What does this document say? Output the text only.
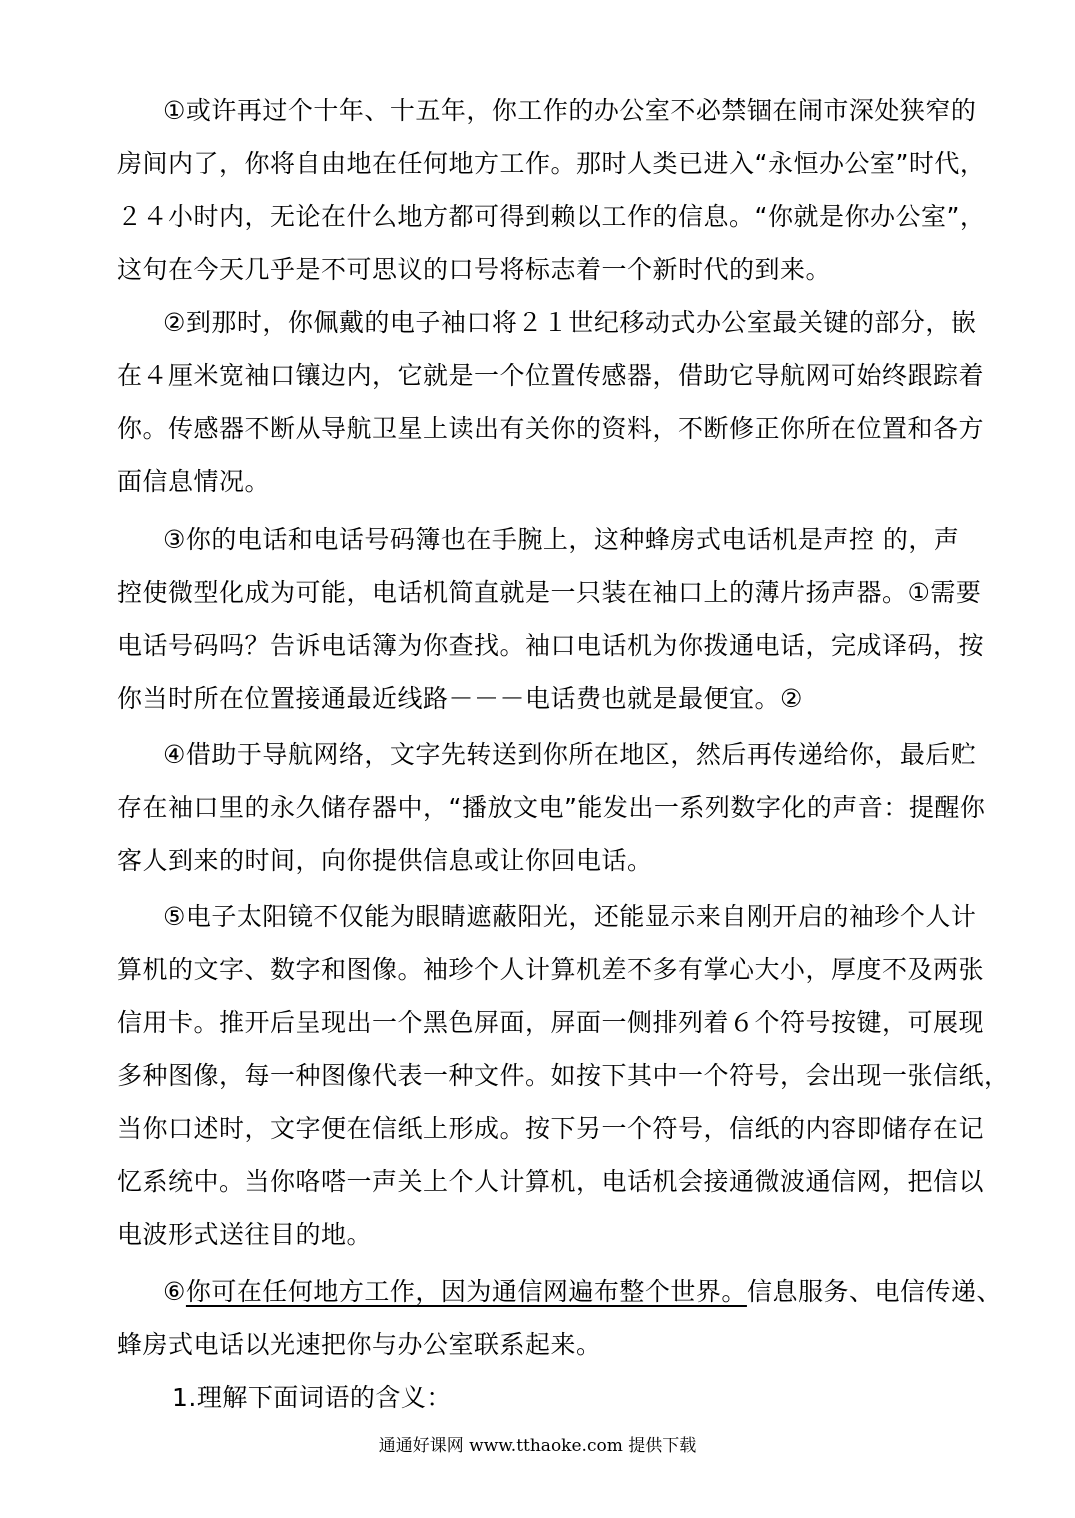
①或许再过个十年、十五年，你工作的办公室不必禁锢在闹市深处狭窄的
房间内了，你将自由地在任何地方工作。那时人类已进入“永恒办公室”时代，
２４小时内，无论在什么地方都可得到赖以工作的信息。“你就是你办公室”，
这句在今天几乎是不可思议的口号将标志着一个新时代的到来。
②到那时，你佩戴的电子袖口将２１世纪移动式办公室最关键的部分，嵌
在４厘米宽袖口镶边内，它就是一个位置传感器，借助它导航网可始终跟踪着
你。传感器不断从导航卫星上读出有关你的资料，不断修正你所在位置和各方
面信息情况。
③你的电话和电话号码簿也在手腕上，这种蜂房式电话机是声控 的，声
控使微型化成为可能，电话机简直就是一只装在袖口上的薄片扬声器。①需要
电话号码吗？告诉电话簿为你查找。袖口电话机为你拨通电话，完成译码，按
你当时所在位置接通最近线路－－－电话费也就是最便宜。②
④借助于导航网络，文字先转送到你所在地区，然后再传递给你，最后贮
存在袖口里的永久储存器中，“播放文电”能发出一系列数字化的声音：提醒你
客人到来的时间，向你提供信息或让你回电话。
⑤电子太阳镜不仅能为眼睛遮蔽阳光，还能显示来自刚开启的袖珍个人计
算机的文字、数字和图像。袖珍个人计算机差不多有掌心大小，厚度不及两张
信用卡。推开后呈现出一个黑色屏面，屏面一侧排列着６个符号按键，可展现
多种图像，每一种图像代表一种文件。如按下其中一个符号，会出现一张信纸，
当你口述时，文字便在信纸上形成。按下另一个符号，信纸的内容即储存在记
忆系统中。当你咯嗒一声关上个人计算机，电话机会接通微波通信网，把信以
电波形式送往目的地。
⑥你可在任何地方工作，因为通信网遍布整个世界。信息服务、电信传递、
蜂房式电话以光速把你与办公室联系起来。
1.理解下面词语的含义：
通通好课网 www.tthaoke.com 提供下载
